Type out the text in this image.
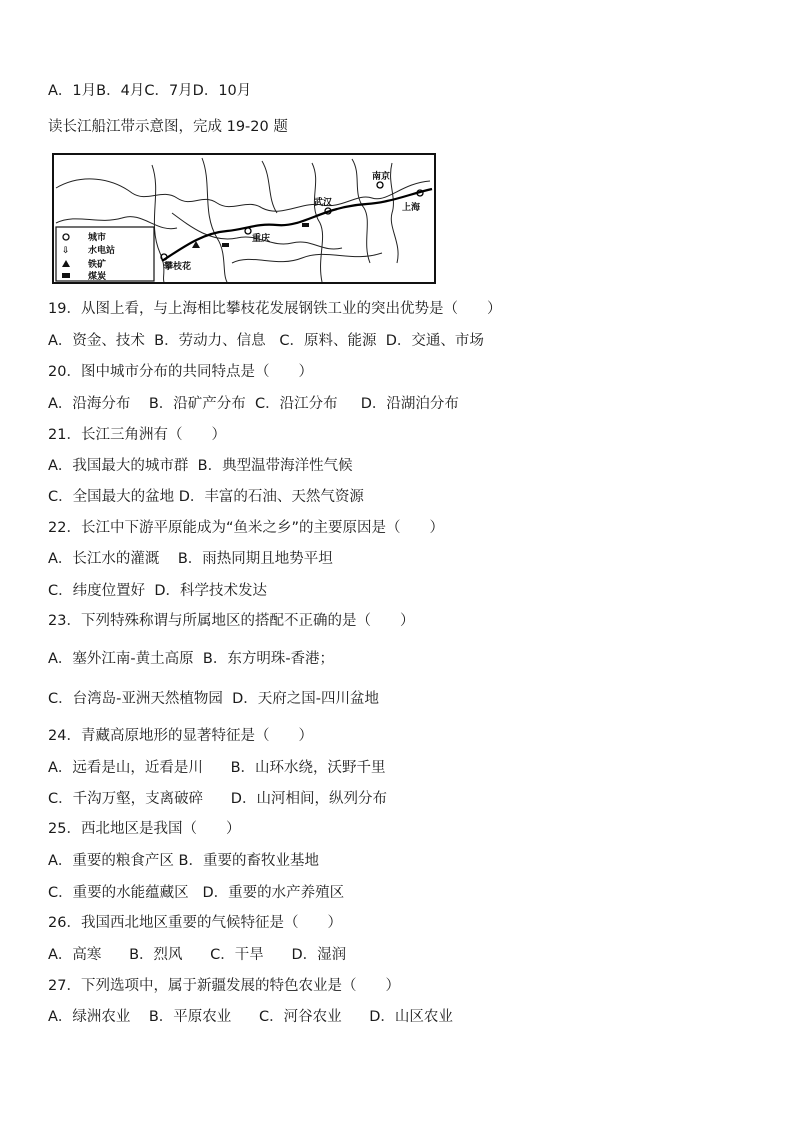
A．1月B．4月C．7月D．10月
读长江船江带示意图，完成 19-20 题
城市
⇩ 水电站
铁矿
煤炭
南京
武汉	上海
重庆
攀枝花
19．从图上看，与上海相比攀枝花发展钢铁工业的突出优势是（　　）
A．资金、技术  B．劳动力、信息   C．原料、能源  D．交通、市场
20．图中城市分布的共同特点是（　　）
A．沿海分布    B．沿矿产分布  C．沿江分布     D．沿湖泊分布
21．长江三角洲有（　　）
A．我国最大的城市群  B．典型温带海洋性气候
C．全国最大的盆地 D．丰富的石油、天然气资源
22．长江中下游平原能成为“鱼米之乡”的主要原因是（　　）
A．长江水的灌溉    B．雨热同期且地势平坦
C．纬度位置好  D．科学技术发达
23．下列特殊称谓与所属地区的搭配不正确的是（　　）
A．塞外江南-黄土高原  B．东方明珠-香港；
C．台湾岛-亚洲天然植物园  D．天府之国-四川盆地
24．青藏高原地形的显著特征是（　　）
A．远看是山，近看是川      B．山环水绕，沃野千里
C．千沟万壑，支离破碎      D．山河相间，纵列分布
25．西北地区是我国（　　）
A．重要的粮食产区 B．重要的畜牧业基地
C．重要的水能蕴藏区   D．重要的水产养殖区
26．我国西北地区重要的气候特征是（　　）
A．高寒      B．烈风      C．干旱      D．湿润
27．下列选项中，属于新疆发展的特色农业是（　　）
A．绿洲农业    B．平原农业      C．河谷农业      D．山区农业
